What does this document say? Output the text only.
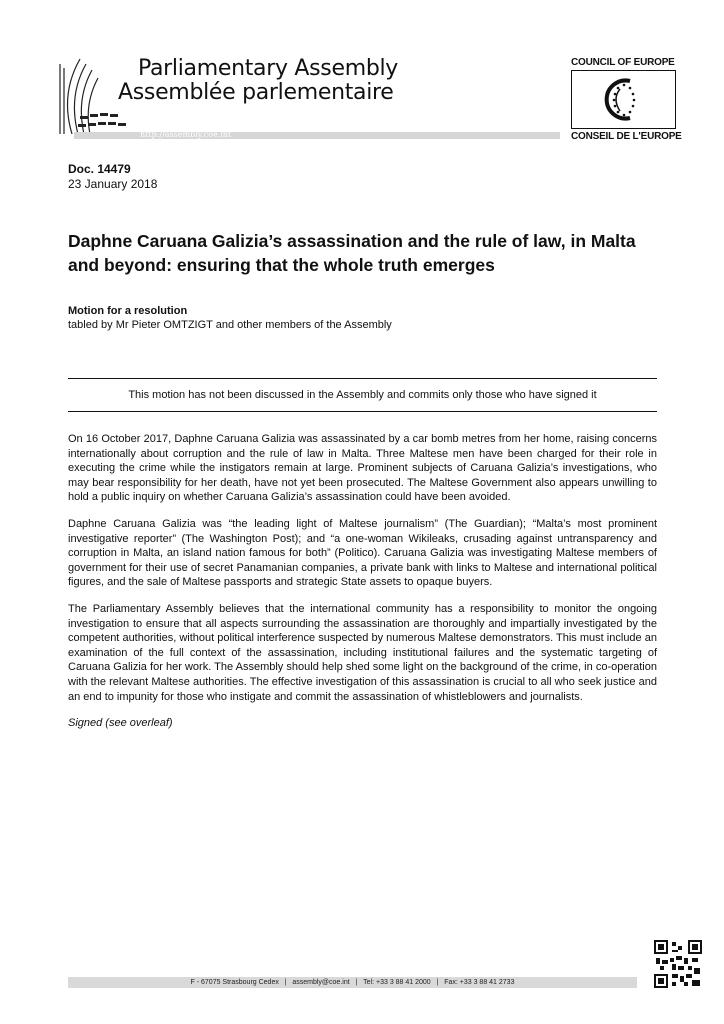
Parliamentary Assembly
Assemblée parlementaire
http://assembly.coe.int
COUNCIL OF EUROPE
CONSEIL DE L'EUROPE
Doc. 14479
23 January 2018
Daphne Caruana Galizia’s assassination and the rule of law, in Malta and beyond: ensuring that the whole truth emerges
Motion for a resolution
tabled by Mr Pieter OMTZIGT and other members of the Assembly
This motion has not been discussed in the Assembly and commits only those who have signed it

On 16 October 2017, Daphne Caruana Galizia was assassinated by a car bomb metres from her home, raising concerns internationally about corruption and the rule of law in Malta. Three Maltese men have been charged for their role in executing the crime while the instigators remain at large. Prominent subjects of Caruana Galizia’s investigations, who may bear responsibility for her death, have not yet been prosecuted. The Maltese Government also appears unwilling to hold a public inquiry on whether Caruana Galizia’s assassination could have been avoided.

Daphne Caruana Galizia was “the leading light of Maltese journalism” (The Guardian); “Malta’s most prominent investigative reporter” (The Washington Post); and “a one-woman Wikileaks, crusading against untransparency and corruption in Malta, an island nation famous for both” (Politico). Caruana Galizia was investigating Maltese members of government for their use of secret Panamanian companies, a private bank with links to Maltese and international political figures, and the sale of Maltese passports and strategic State assets to opaque buyers.

The Parliamentary Assembly believes that the international community has a responsibility to monitor the ongoing investigation to ensure that all aspects surrounding the assassination are thoroughly and impartially investigated by the competent authorities, without political interference suspected by numerous Maltese demonstrators. This must include an examination of the full context of the assassination, including institutional failures and the systematic targeting of Caruana Galizia for her work. The Assembly should help shed some light on the background of the crime, in co-operation with the relevant Maltese authorities. The effective investigation of this assassination is crucial to all who seek justice and an end to impunity for those who instigate and commit the assassination of whistleblowers and journalists.

Signed (see overleaf)

F - 67075 Strasbourg Cedex | assembly@coe.int | Tel: +33 3 88 41 2000 | Fax: +33 3 88 41 2733
